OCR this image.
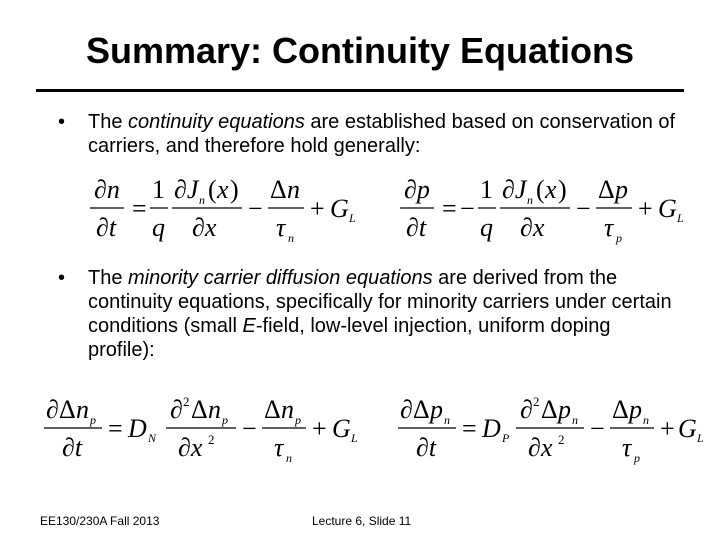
Summary: Continuity Equations
• The continuity equations are established based on conservation of carriers, and therefore hold generally:
∂n
∂t
=
1
q
∂J n ( x )
∂x
−
Δ n
τ n
+ G L
∂p
∂t
= −
1
q
∂J n ( x )
∂x
−
Δ p
τ p
+ G L
• The minority carrier diffusion equations are derived from the continuity equations, specifically for minority carriers under certain conditions (small E-field, low-level injection, uniform doping profile):
∂ Δ n p
∂t
= D N
∂ 2 Δ n p
∂x 2 −
Δ n p
τ n
+ G L
∂ Δ p n
∂t
= D P
∂ 2 Δ p n
∂x 2 −
Δ p n
τ p
+ G L
EE130/230A Fall 2013	Lecture 6, Slide 11
